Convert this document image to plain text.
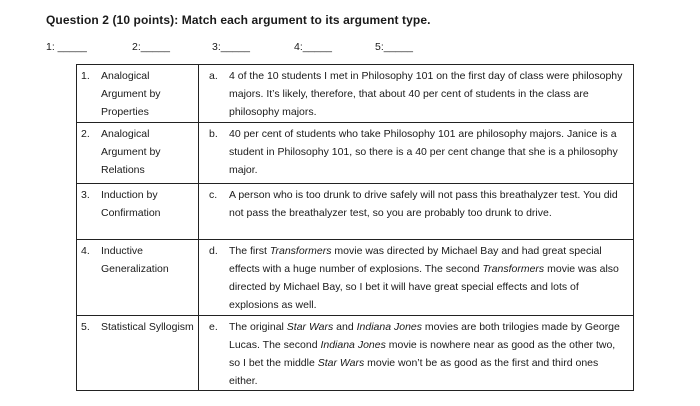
Question 2 (10 points): Match each argument to its argument type.
1: _____	2:_____	3:_____	4:_____	5:_____
1. Analogical Argument by Properties	a. 4 of the 10 students I met in Philosophy 101 on the first day of class were philosophy majors. It’s likely, therefore, that about 40 per cent of students in the class are philosophy majors.

2. Analogical Argument by Relations	b. 40 per cent of students who take Philosophy 101 are philosophy majors. Janice is a student in Philosophy 101, so there is a 40 per cent change that she is a philosophy major.

3. Induction by Confirmation	c. A person who is too drunk to drive safely will not pass this breathalyzer test. You did not pass the breathalyzer test, so you are probably too drunk to drive.

4. Inductive Generalization	d. The first Transformers movie was directed by Michael Bay and had great special effects with a huge number of explosions. The second Transformers movie was also directed by Michael Bay, so I bet it will have great special effects and lots of explosions as well.

5. Statistical Syllogism	e. The original Star Wars and Indiana Jones movies are both trilogies made by George Lucas. The second Indiana Jones movie is nowhere near as good as the other two, so I bet the middle Star Wars movie won’t be as good as the first and third ones either.
